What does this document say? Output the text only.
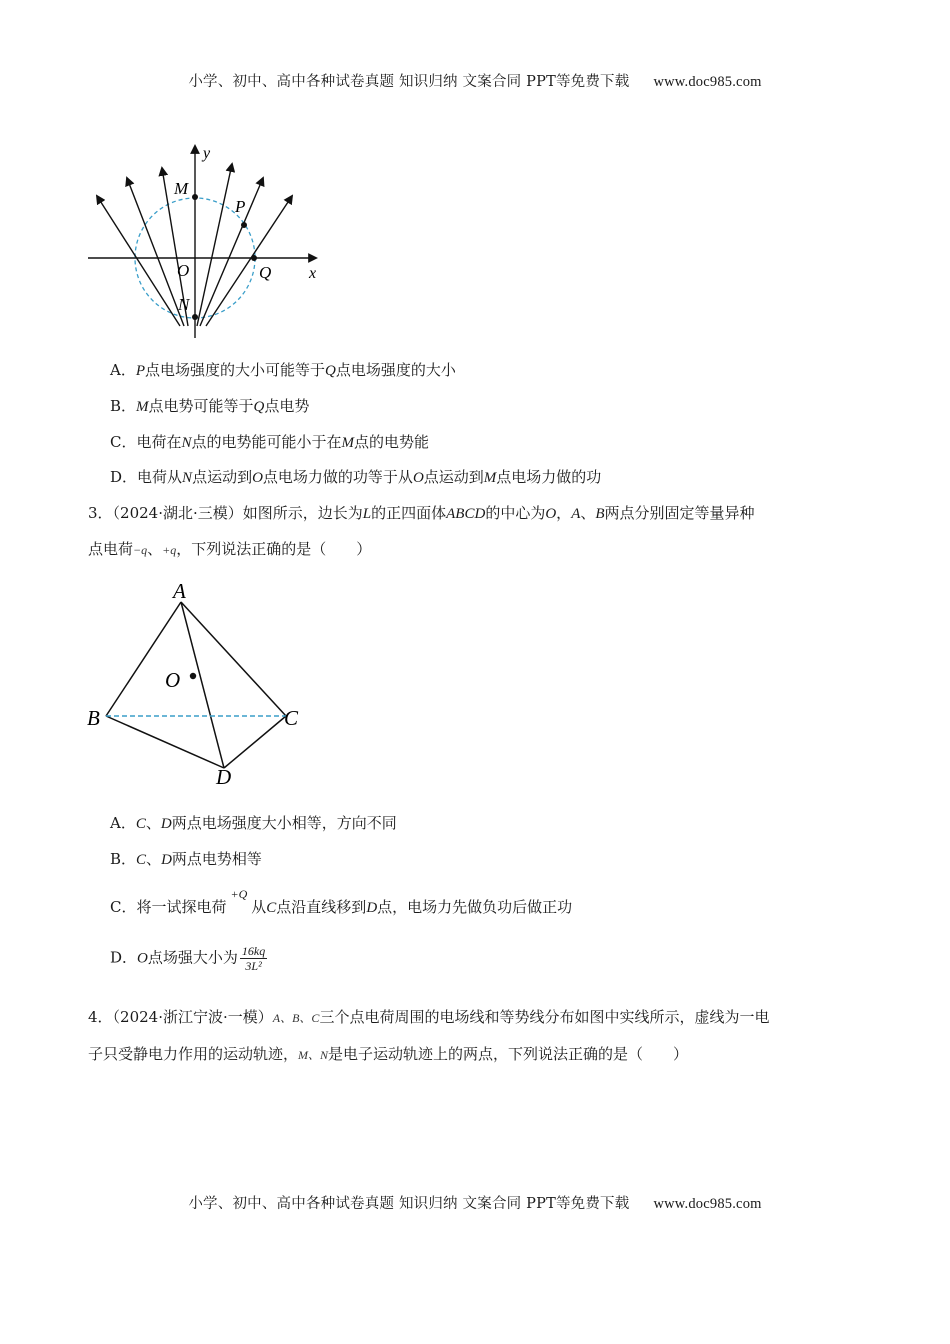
小学、初中、高中各种试卷真题 知识归纳 文案合同 PPT等免费下载 www.doc985.com
y
x
M
P
O	Q
N
A．P点电场强度的大小可能等于Q点电场强度的大小
B．M点电势可能等于Q点电势
C．电荷在N点的电势能可能小于在M点的电势能
D．电荷从N点运动到O点电场力做的功等于从O点运动到M点电场力做的功
3．（2024·湖北·三模）如图所示，边长为L的正四面体ABCD的中心为O，A、B两点分别固定等量异种
点电荷−q、+q，下列说法正确的是（　　）
A
B	C
D
O
A．C、D两点电场强度大小相等，方向不同
B．C、D两点电势相等
C．将一试探电荷$^{+Q}$从C点沿直线移到D点，电场力先做负功后做正功
D．O点场强大小为 $\frac{16kq}{\text{3L²}}$
4．（2024·浙江宁波·一模）A、B、C三个点电荷周围的电场线和等势线分布如图中实线所示，虚线为一电
子只受静电力作用的运动轨迹，M、N是电子运动轨迹上的两点，下列说法正确的是（　　）
小学、初中、高中各种试卷真题 知识归纳 文案合同 PPT等免费下载 www.doc985.com
